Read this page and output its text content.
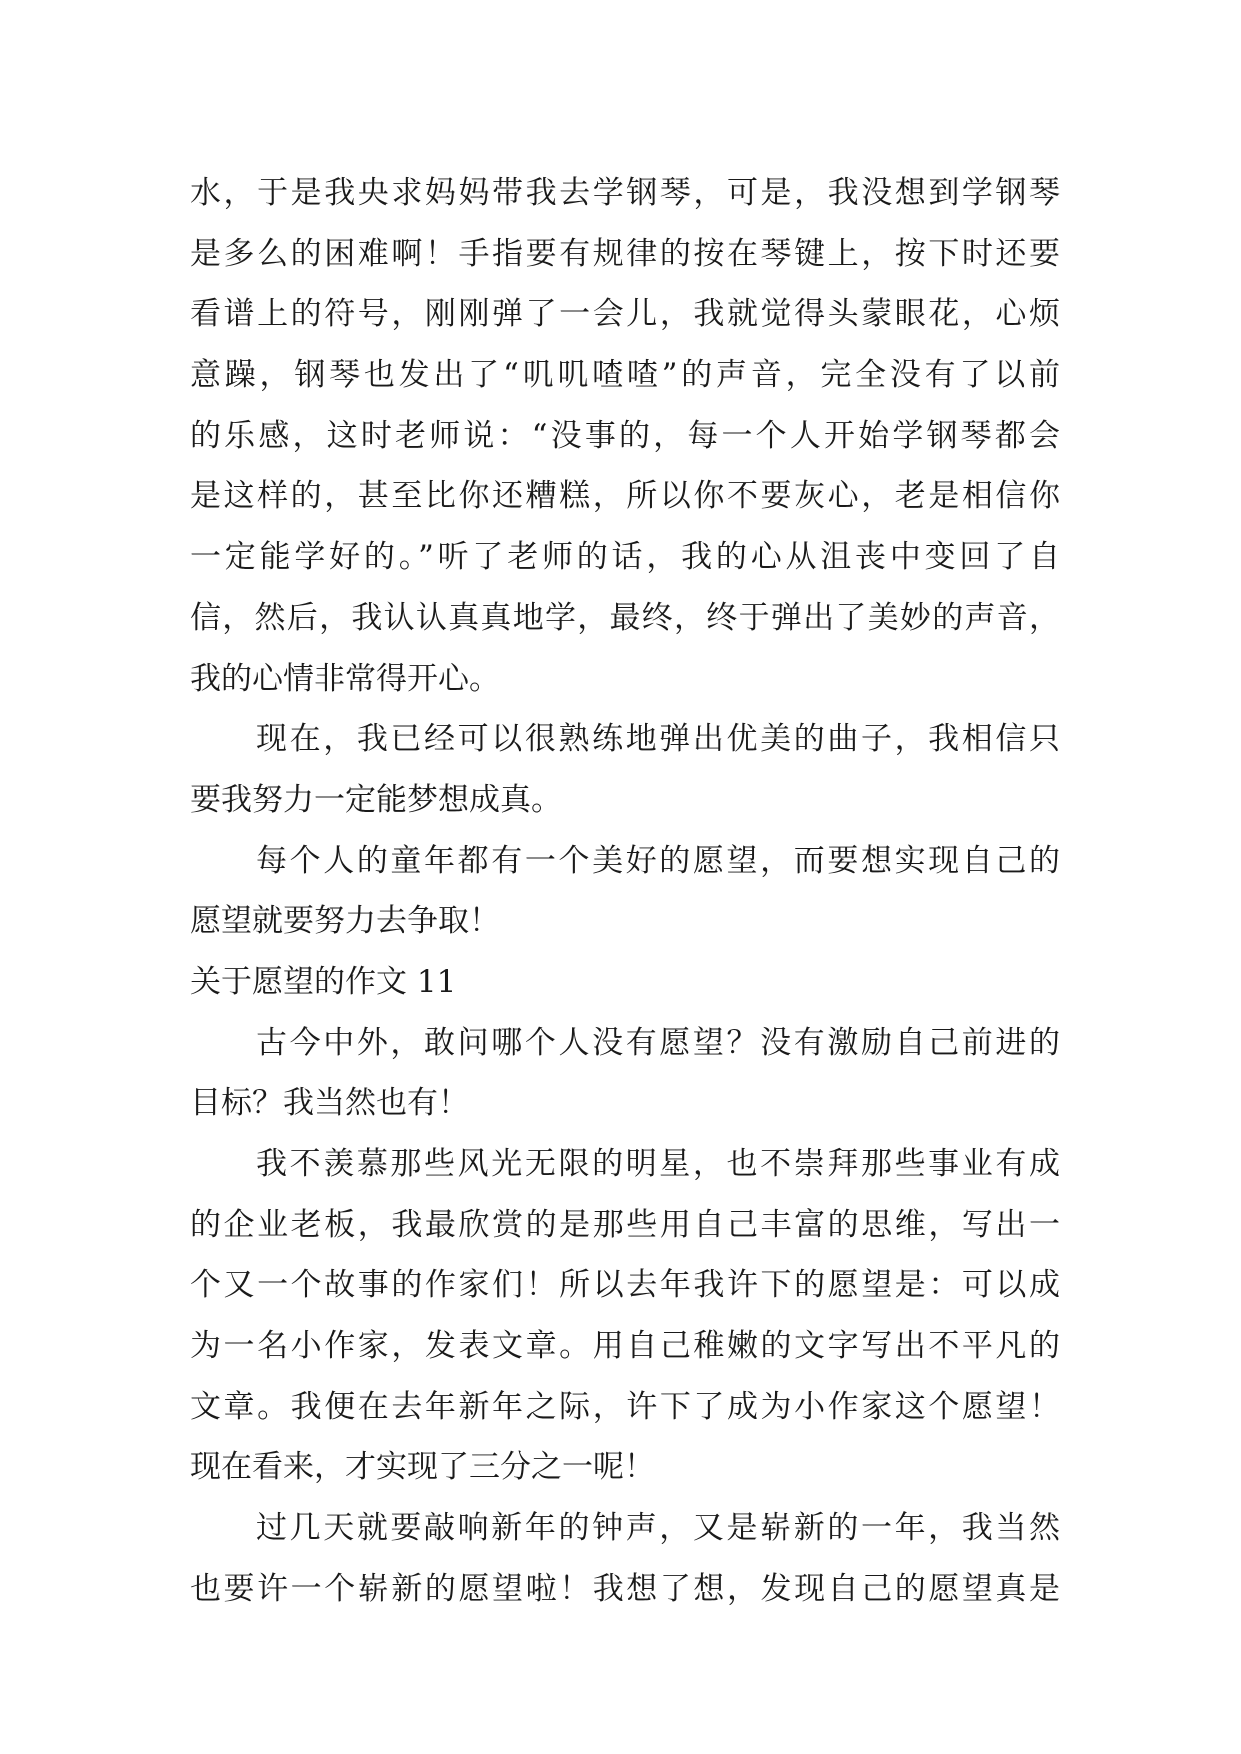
水，于是我央求妈妈带我去学钢琴，可是，我没想到学钢琴
是多么的困难啊！手指要有规律的按在琴键上，按下时还要
看谱上的符号，刚刚弹了一会儿，我就觉得头蒙眼花，心烦
意躁，钢琴也发出了“叽叽喳喳”的声音，完全没有了以前
的乐感，这时老师说：“没事的，每一个人开始学钢琴都会
是这样的，甚至比你还糟糕，所以你不要灰心，老是相信你
一定能学好的。”听了老师的话，我的心从沮丧中变回了自
信，然后，我认认真真地学，最终，终于弹出了美妙的声音，
我的心情非常得开心。
现在，我已经可以很熟练地弹出优美的曲子，我相信只
要我努力一定能梦想成真。
每个人的童年都有一个美好的愿望，而要想实现自己的
愿望就要努力去争取！
关于愿望的作文 11
古今中外，敢问哪个人没有愿望？没有激励自己前进的
目标？我当然也有！
我不羡慕那些风光无限的明星，也不崇拜那些事业有成
的企业老板，我最欣赏的是那些用自己丰富的思维，写出一
个又一个故事的作家们！所以去年我许下的愿望是：可以成
为一名小作家，发表文章。用自己稚嫩的文字写出不平凡的
文章。我便在去年新年之际，许下了成为小作家这个愿望！
现在看来，才实现了三分之一呢！
过几天就要敲响新年的钟声，又是崭新的一年，我当然
也要许一个崭新的愿望啦！我想了想，发现自己的愿望真是
